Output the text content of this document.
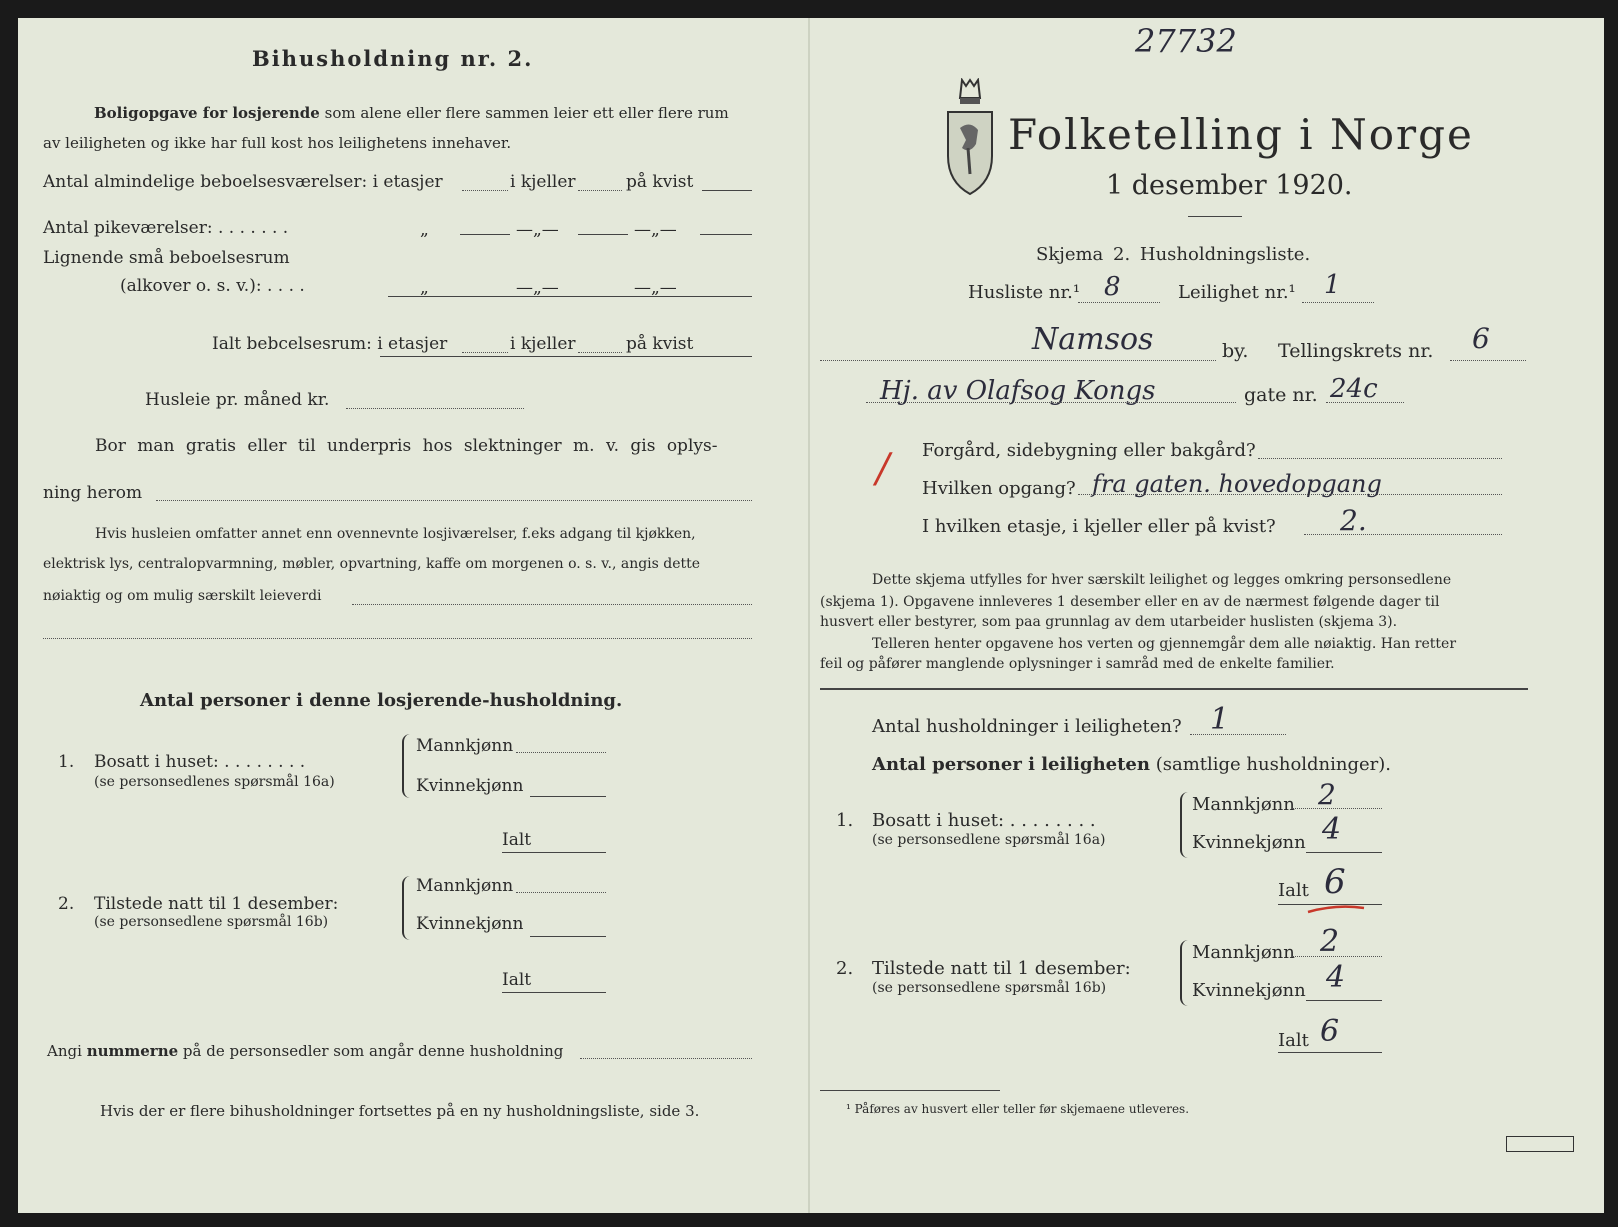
27732
Bihusholdning nr. 2.
Boligopgave for losjerende som alene eller flere sammen leier ett eller flere rum
av leiligheten og ikke har full kost hos leilighetens innehaver.
Antal almindelige beboelsesværelser: i etasjer	i kjeller	på kvist
Antal pikeværelser: . . . . . . .	„	—„—	—„—
Lignende små beboelsesrum
(alkover o. s. v.): . . . .	„	—„—	—„—
Ialt bebcelsesrum: i etasjer	i kjeller	på kvist
Husleie pr. måned kr.
Bor man gratis eller til underpris hos slektninger m. v. gis oplys-
ning herom
Hvis husleien omfatter annet enn ovennevnte losjiværelser, f.eks adgang til kjøkken,
elektrisk lys, centralopvarmning, møbler, opvartning, kaffe om morgenen o. s. v., angis dette
nøiaktig og om mulig særskilt leieverdi
Antal personer i denne losjerende-husholdning.
1. Bosatt i huset: . . . . . . . .
(se personsedlenes spørsmål 16a)
Mannkjønn
Kvinnekjønn
Ialt
2. Tilstede natt til 1 desember:
(se personsedlene spørsmål 16b)
Mannkjønn
Kvinnekjønn
Ialt
Angi nummerne på de personsedler som angår denne husholdning
Hvis der er flere bihusholdninger fortsettes på en ny husholdningsliste, side 3.
Folketelling i Norge
1 desember 1920.
Skjema 2. Husholdningsliste.
Husliste nr.¹ 8	Leilighet nr.¹ 1
Namsos	by. Tellingskrets nr. 6
Hj. av Olafsog Kongs	gate nr. 24c
/ Forgård, sidebygning eller bakgård?
Hvilken opgang? fra gaten. hovedopgang
I hvilken etasje, i kjeller eller på kvist? 2.
Dette skjema utfylles for hver særskilt leilighet og legges omkring personsedlene
(skjema 1). Opgavene innleveres 1 desember eller en av de nærmest følgende dager til
husvert eller bestyrer, som paa grunnlag av dem utarbeider huslisten (skjema 3).
Telleren henter opgavene hos verten og gjennemgår dem alle nøiaktig. Han retter
feil og påfører manglende oplysninger i samråd med de enkelte familier.
Antal husholdninger i leiligheten? 1
Antal personer i leiligheten (samtlige husholdninger).
1. Bosatt i huset: . . . . . . . .
(se personsedlene spørsmål 16a)
Mannkjønn 2
Kvinnekjønn 4
Ialt 6
2. Tilstede natt til 1 desember:
(se personsedlene spørsmål 16b)
Mannkjønn 2
Kvinnekjønn 4
Ialt 6
¹ Påføres av husvert eller teller før skjemaene utleveres.
